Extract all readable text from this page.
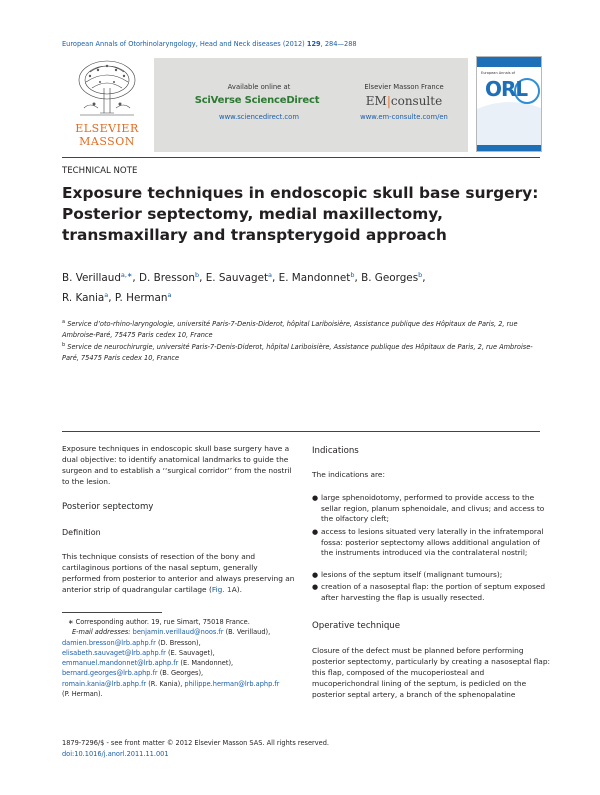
European Annals of Otorhinolaryngology, Head and Neck diseases (2012) 129, 284—288
ELSEVIER
MASSON
Available online at
SciVerse ScienceDirect
www.sciencedirect.com
Elsevier Masson France
EM|consulte
www.em-consulte.com/en
European Annals of
ORL
TECHNICAL NOTE
Exposure techniques in endoscopic skull base surgery: Posterior septectomy, medial maxillectomy, transmaxillary and transpterygoid approach
B. Verillaud$^{a,∗}$, D. Bresson$^b$, E. Sauvaget$^a$, E. Mandonnet$^b$, B. Georges$^b$,
R. Kania$^a$, P. Herman$^a$
$^a$ Service d’oto-rhino-laryngologie, université Paris-7-Denis-Diderot, hôpital Lariboisière, Assistance publique des Hôpitaux de Paris, 2, rue Ambroise-Paré, 75475 Paris cedex 10, France
$^b$ Service de neurochirurgie, université Paris-7-Denis-Diderot, hôpital Lariboisière, Assistance publique des Hôpitaux de Paris, 2, rue Ambroise-Paré, 75475 Paris cedex 10, France
Exposure techniques in endoscopic skull base surgery have a dual objective: to identify anatomical landmarks to guide the surgeon and to establish a ‘‘surgical corridor’’ from the nostril to the lesion.
Posterior septectomy
Definition
This technique consists of resection of the bony and cartilaginous portions of the nasal septum, generally performed from posterior to anterior and always preserving an anterior strip of quadrangular cartilage (Fig. 1A).
∗ Corresponding author. 19, rue Simart, 75018 France.
E-mail addresses: benjamin.verillaud@noos.fr (B. Verillaud),
damien.bresson@lrb.aphp.fr (D. Bresson),
elisabeth.sauvaget@lrb.aphp.fr (E. Sauvaget),
emmanuel.mandonnet@lrb.aphp.fr (E. Mandonnet),
bernard.georges@lrb.aphp.fr (B. Georges),
romain.kania@lrb.aphp.fr (R. Kania), philippe.herman@lrb.aphp.fr
(P. Herman).
Indications
The indications are:
● large sphenoidotomy, performed to provide access to the sellar region, planum sphenoidale, and clivus; and access to the olfactory cleft;
● access to lesions situated very laterally in the infratemporal fossa: posterior septectomy allows additional angulation of the instruments introduced via the contralateral nostril;
● lesions of the septum itself (malignant tumours);
● creation of a nasoseptal flap: the portion of septum exposed after harvesting the flap is usually resected.
Operative technique
Closure of the defect must be planned before performing posterior septectomy, particularly by creating a nasoseptal flap: this flap, composed of the mucoperiosteal and mucoperichondral lining of the septum, is pedicled on the posterior septal artery, a branch of the sphenopalatine
1879-7296/$ - see front matter © 2012 Elsevier Masson SAS. All rights reserved.
doi:10.1016/j.anorl.2011.11.001
